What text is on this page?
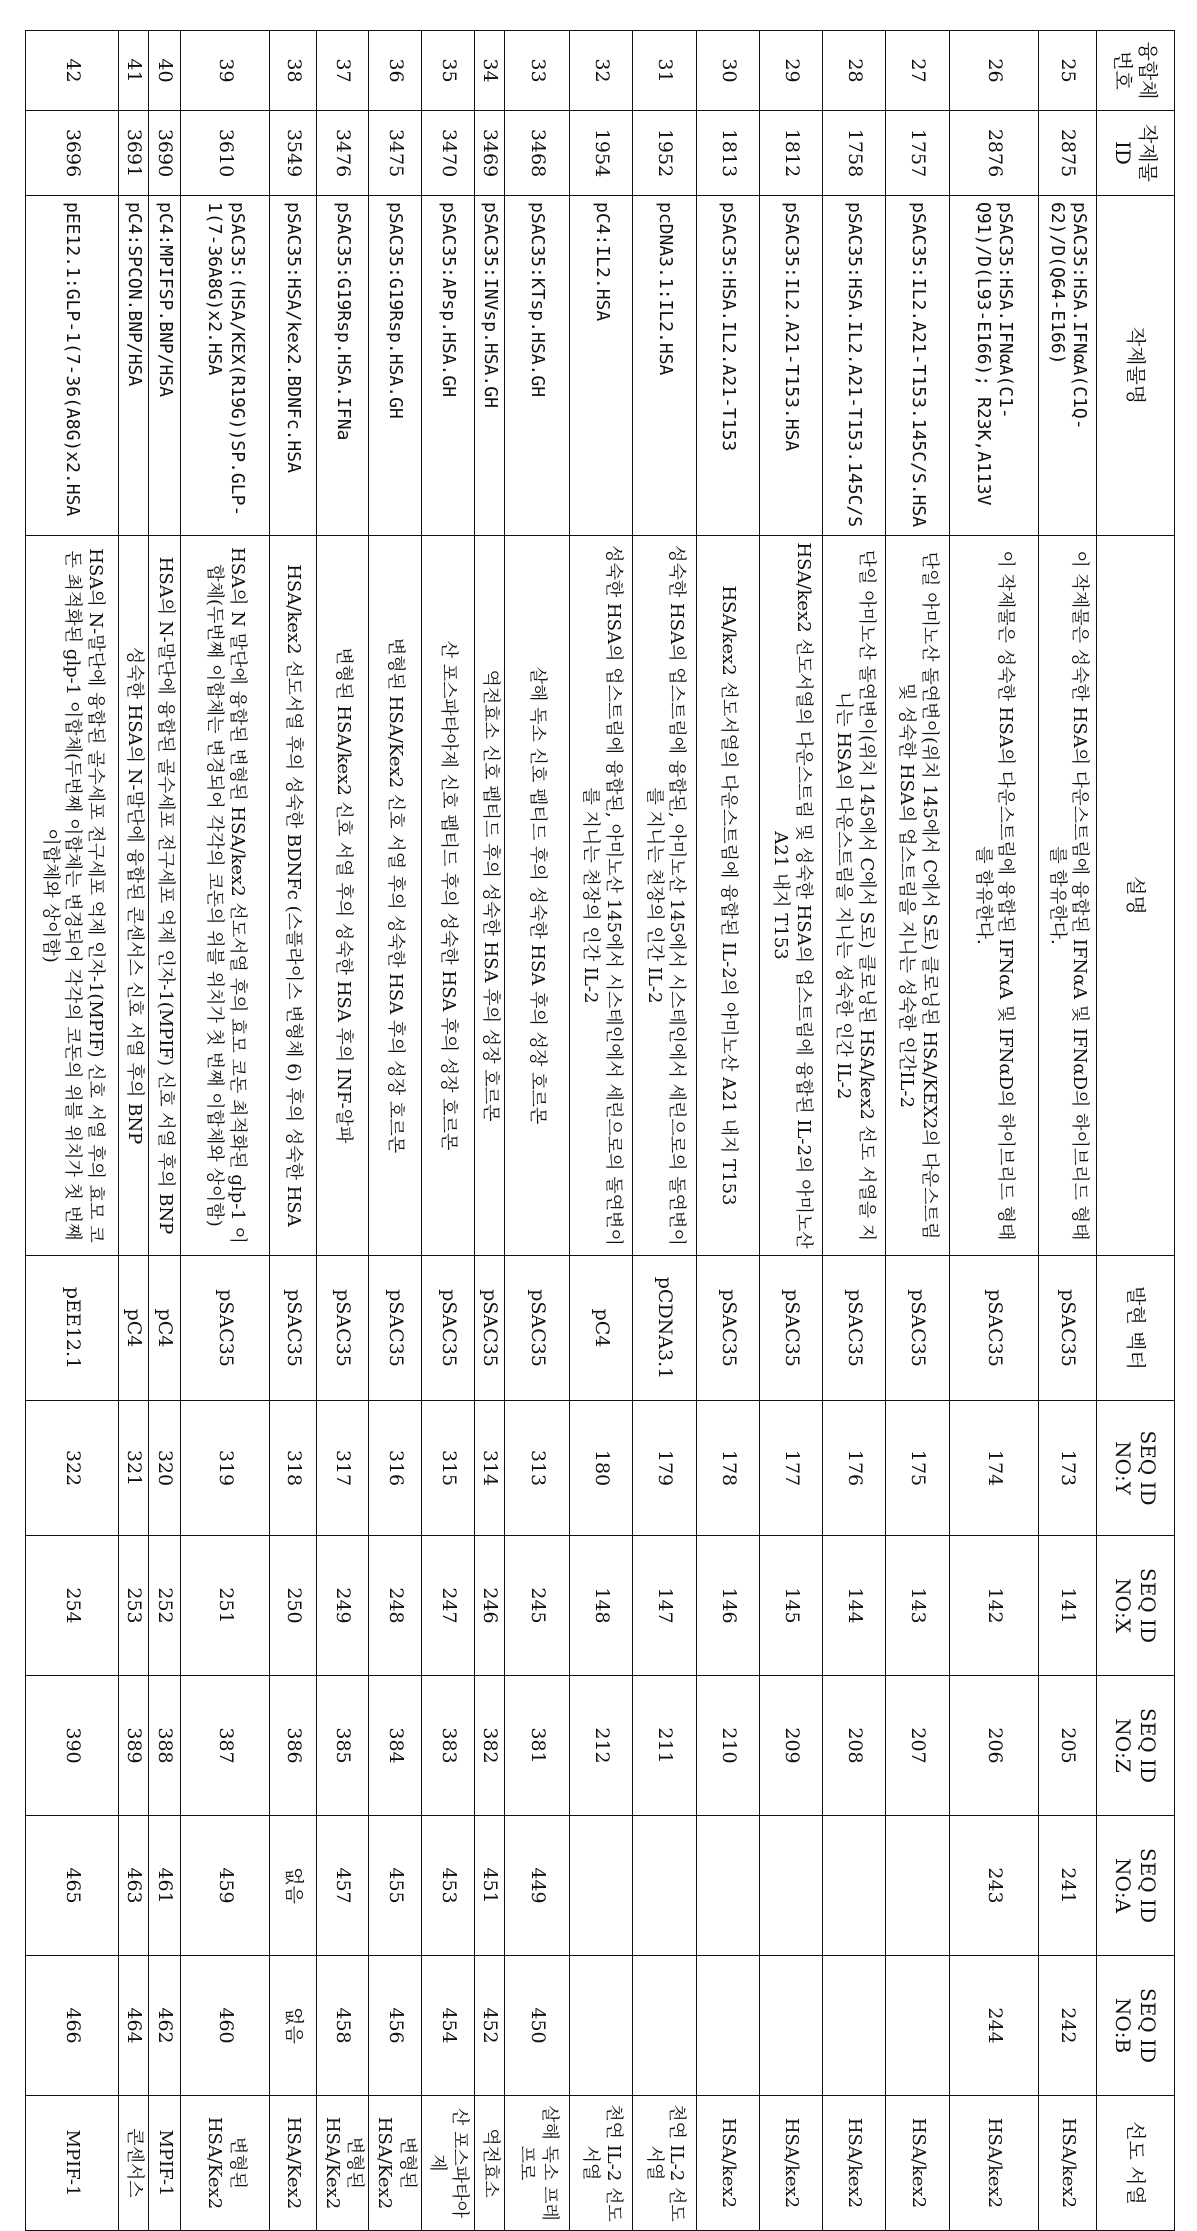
융합체 번호	작제물ID	작제물명	설명	발현 벡터	SEQ ID NO:Y	SEQ ID NO:X	SEQ ID NO:Z	SEQ ID NO:A	SEQ ID NO:B	선도 서열
25	2875	pSAC35:HSA.IFNαA(C1Q-62)/D(Q64-E166)	이 작제물은 성숙한 HSA의 다운스트림에 융합된 IFNαA 및 IFNαD의 하이브리드 형태를 함유한다.	pSAC35	173	141	205	241	242	HSA/kex2
26	2876	pSAC35:HSA.IFNαA(C1-Q91)/D(L93-E166); R23K,A113V	이 작제물은 성숙한 HSA의 다운스트림에 융합된 IFNαA 및 IFNαD의 하이브리드 형태를 함유한다.	pSAC35	174	142	206	243	244	HSA/kex2
27	1757	pSAC35:IL2.A21-T153.145C/S.HSA	단일 아미노산 돌연변이(위치 145에서 C에서 S로) 클로닝된 HSA/KEX2의 다운스트림 및 성숙한 HSA의 업스트림을 지니는 성숙한 인간IL-2	pSAC35	175	143	207			HSA/kex2
28	1758	pSAC35:HSA.IL2.A21-T153.145C/S	단일 아미노산 돌연변이(위치 145에서 C에서 S로) 클로닝된 HSA/kex2 선도 서열을 지니는 HSA의 다운스트림을 지니는 성숙한 인간 IL-2	pSAC35	176	144	208			HSA/kex2
29	1812	pSAC35:IL2.A21-T153.HSA	HSA/kex2 선도서열의 다운스트림 및 성숙한 HSA의 업스트림에 융합된 IL-2의 아미노산 A21 내지 T153	pSAC35	177	145	209			HSA/kex2
30	1813	pSAC35:HSA.IL2.A21-T153	HSA/kex2 선도서열의 다운스트림에 융합된 IL-2의 아미노산 A21 내지 T153	pSAC35	178	146	210			HSA/kex2
31	1952	pcDNA3.1:IL2.HSA	성숙한 HSA의 업스트림에 융합된, 아미노산 145에서 시스테인에서 세린으로의 돌연변이를 지니는 천장의 인간 IL-2	pCDNA3.1	179	147	211			천연 IL-2 선도서열
32	1954	pC4:IL2.HSA	성숙한 HSA의 업스트림에 융합된, 아미노산 145에서 시스테인에서 세린으로의 돌연변이를 지니는 천장의 인간 IL-2	pC4	180	148	212			천연 IL-2 선도서열
33	3468	pSAC35:KTsp.HSA.GH	살해 독소 신호 펩티드 후의 성숙한 HSA 후의 성장 호르몬	pSAC35	313	245	381	449	450	살해 독소 프레프로
34	3469	pSAC35:INVsp.HSA.GH	역전효소 신호 펩티드 후의 성숙한 HSA 후의 성장 호르몬	pSAC35	314	246	382	451	452	역전효소
35	3470	pSAC35:APsp.HSA.GH	산 포스파타아제 신호 펩티드 후의 성숙한 HSA 후의 성장 호르몬	pSAC35	315	247	383	453	454	산 포스파타아제
36	3475	pSAC35:G19Rsp.HSA.GH	변형된 HSA/Kex2 신호 서열 후의 성숙한 HSA 후의 성장 호르몬	pSAC35	316	248	384	455	456	변형된 HSA/Kex2
37	3476	pSAC35:G19Rsp.HSA.IFNa	변형된 HSA/kex2 신호 서열 후의 성숙한 HSA 후의 INF-알파	pSAC35	317	249	385	457	458	변형된 HSA/Kex2
38	3549	pSAC35:HSA/kex2.BDNFc.HSA	HSA/kex2 선도서열 후의 성숙한 BDNFc (스플라이스 변형체 6) 후의 성숙한 HSA	pSAC35	318	250	386	없음	없음	HSA/Kex2
39	3610	pSAC35:(HSA/KEX(R19G))SP.GLP-1(7-36A8G)x2.HSA	HSA의 N 말단에 융합된 변형된 HSA/kex2 선도서열 후의 효모 코돈 최적화된 glp-1 이합체(두번째 이합체는 변경되어 각각의 코돈의 위블 위치가 첫 번째 이합체와 상이함)	pSAC35	319	251	387	459	460	변형된 HSA/Kex2
40	3690	pC4:MPIFSP.BNP/HSA	HSA의 N-말단에 융합된 골수세포 전구세포 억제 인자-1(MPIF) 신호 서열 후의 BNP	pC4	320	252	388	461	462	MPIF-1
41	3691	pC4:SPCON.BNP/HSA	성숙한 HSA의 N-말단에 융합된 콘센서스 신호 서열 후의 BNP	pC4	321	253	389	463	464	콘센서스
42	3696	pEE12.1:GLP-1(7-36(A8G)x2.HSA	HSA의 N-말단에 융합된 골수세포 전구세포 억제 인자-1(MPIF) 신호 서열 후의 효모 코돈 최적화된 glp-1 이합체(두번째 이합체는 변경되어 각각의 코돈의 위블 위치가 첫 번째 이합체와 상이함)	pEE12.1	322	254	390	465	466	MPIF-1
